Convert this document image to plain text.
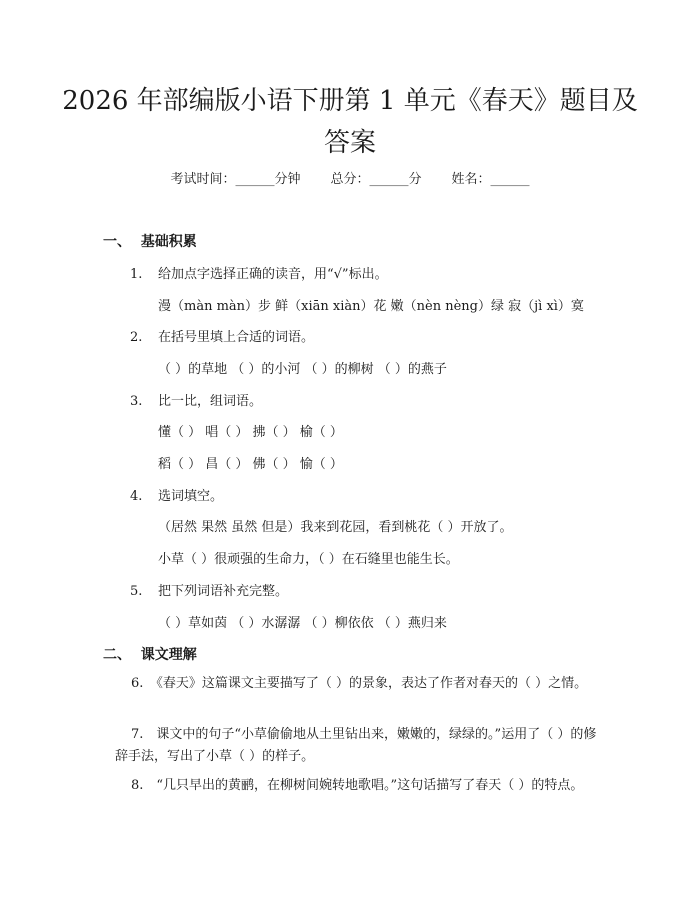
2026 年部编版小语下册第 1 单元《春天》题目及答案
考试时间：______分钟 总分：______分 姓名：______
一、  基础积累
1. 给加点字选择正确的读音，用“√”标出。
漫（màn màn）步 鲜（xiān xiàn）花 嫩（nèn nèng）绿 寂（jì xì）寞
2. 在括号里填上合适的词语。
（ ）的草地 （ ）的小河 （ ）的柳树 （ ）的燕子
3. 比一比，组词语。
懂（ ） 唱（ ） 拂（ ） 榆（ ）
稻（ ） 昌（ ） 佛（ ） 愉（ ）
4. 选词填空。
（居然 果然 虽然 但是）我来到花园，看到桃花（ ）开放了。
小草（ ）很顽强的生命力，（ ）在石缝里也能生长。
5. 把下列词语补充完整。
（ ）草如茵 （ ）水潺潺 （ ）柳依依 （ ）燕归来
二、  课文理解
6.　《春天》这篇课文主要描写了（ ）的景象，表达了作者对春天的（ ）之情。
7.　课文中的句子“小草偷偷地从土里钻出来，嫩嫩的，绿绿的。”运用了（ ）的修辞手法，写出了小草（ ）的样子。
8.　“几只早出的黄鹂，在柳树间婉转地歌唱。”这句话描写了春天（ ）的特点。
